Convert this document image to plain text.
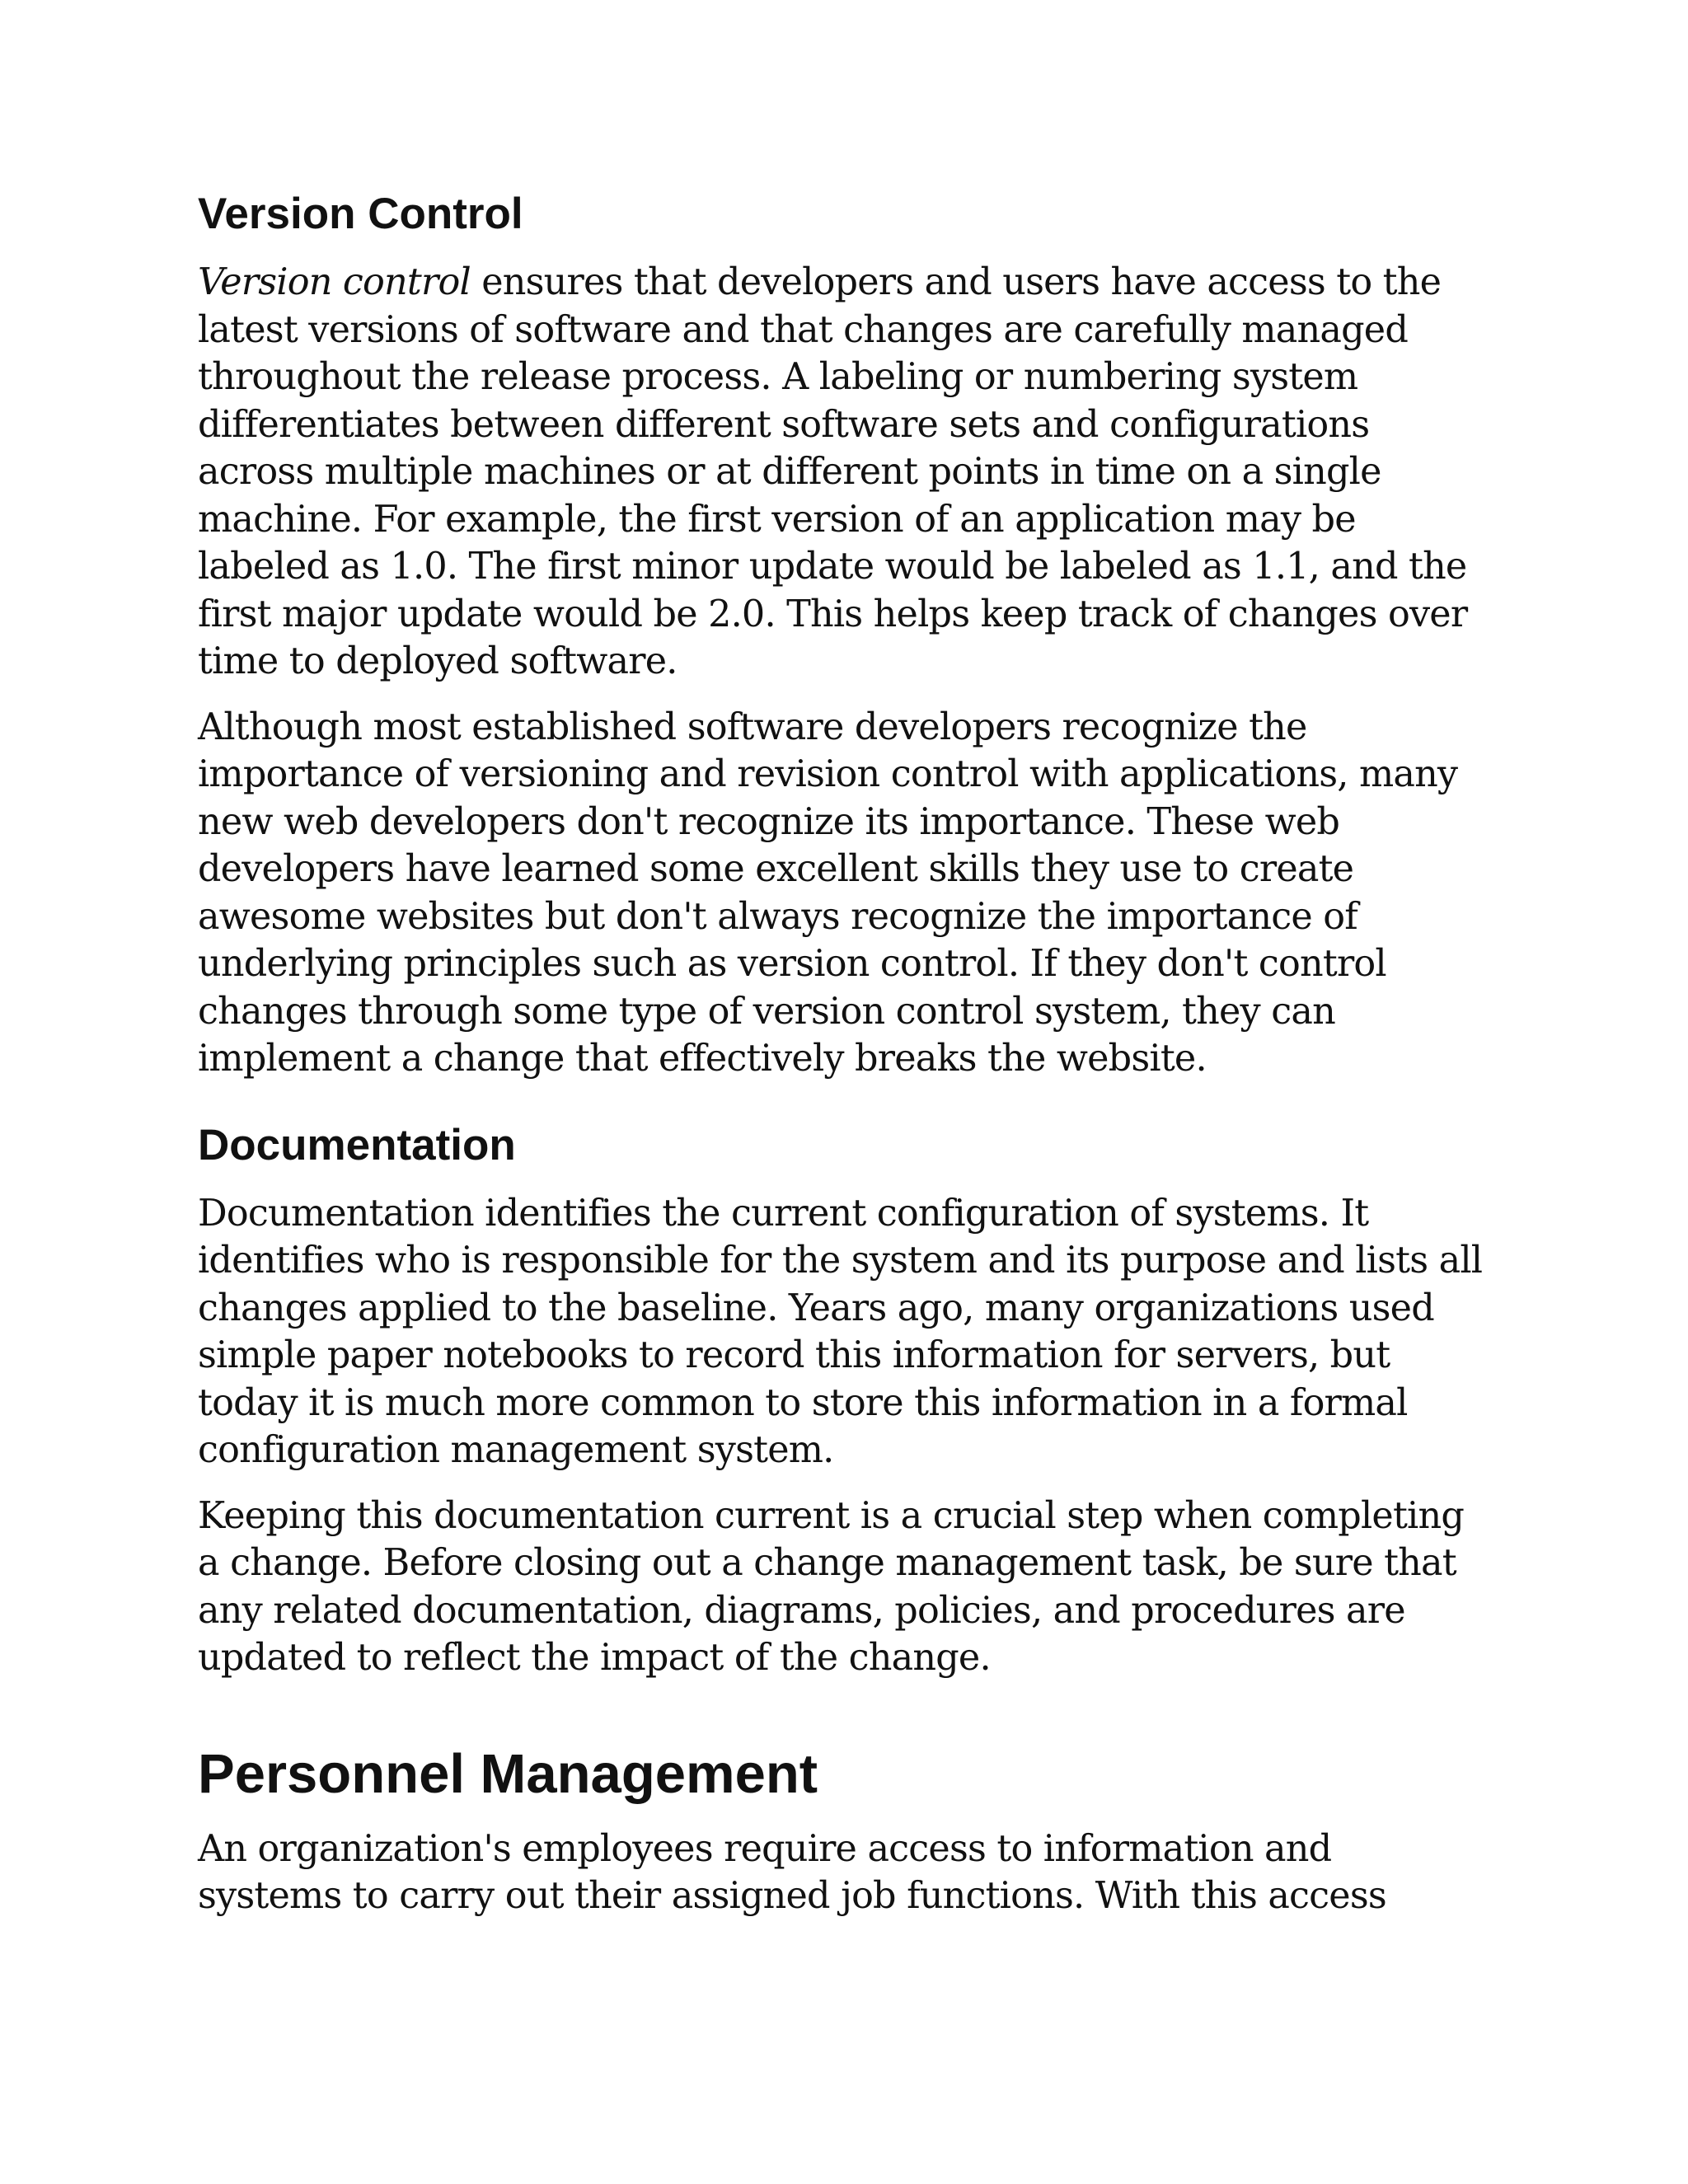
Version Control

Version control ensures that developers and users have access to the latest versions of software and that changes are carefully managed throughout the release process. A labeling or numbering system differentiates between different software sets and configurations across multiple machines or at different points in time on a single machine. For example, the first version of an application may be labeled as 1.0. The first minor update would be labeled as 1.1, and the first major update would be 2.0. This helps keep track of changes over time to deployed software.

Although most established software developers recognize the importance of versioning and revision control with applications, many new web developers don't recognize its importance. These web developers have learned some excellent skills they use to create awesome websites but don't always recognize the importance of underlying principles such as version control. If they don't control changes through some type of version control system, they can implement a change that effectively breaks the website.

Documentation

Documentation identifies the current configuration of systems. It identifies who is responsible for the system and its purpose and lists all changes applied to the baseline. Years ago, many organizations used simple paper notebooks to record this information for servers, but today it is much more common to store this information in a formal configuration management system.

Keeping this documentation current is a crucial step when completing a change. Before closing out a change management task, be sure that any related documentation, diagrams, policies, and procedures are updated to reflect the impact of the change.

Personnel Management

An organization's employees require access to information and systems to carry out their assigned job functions. With this access
